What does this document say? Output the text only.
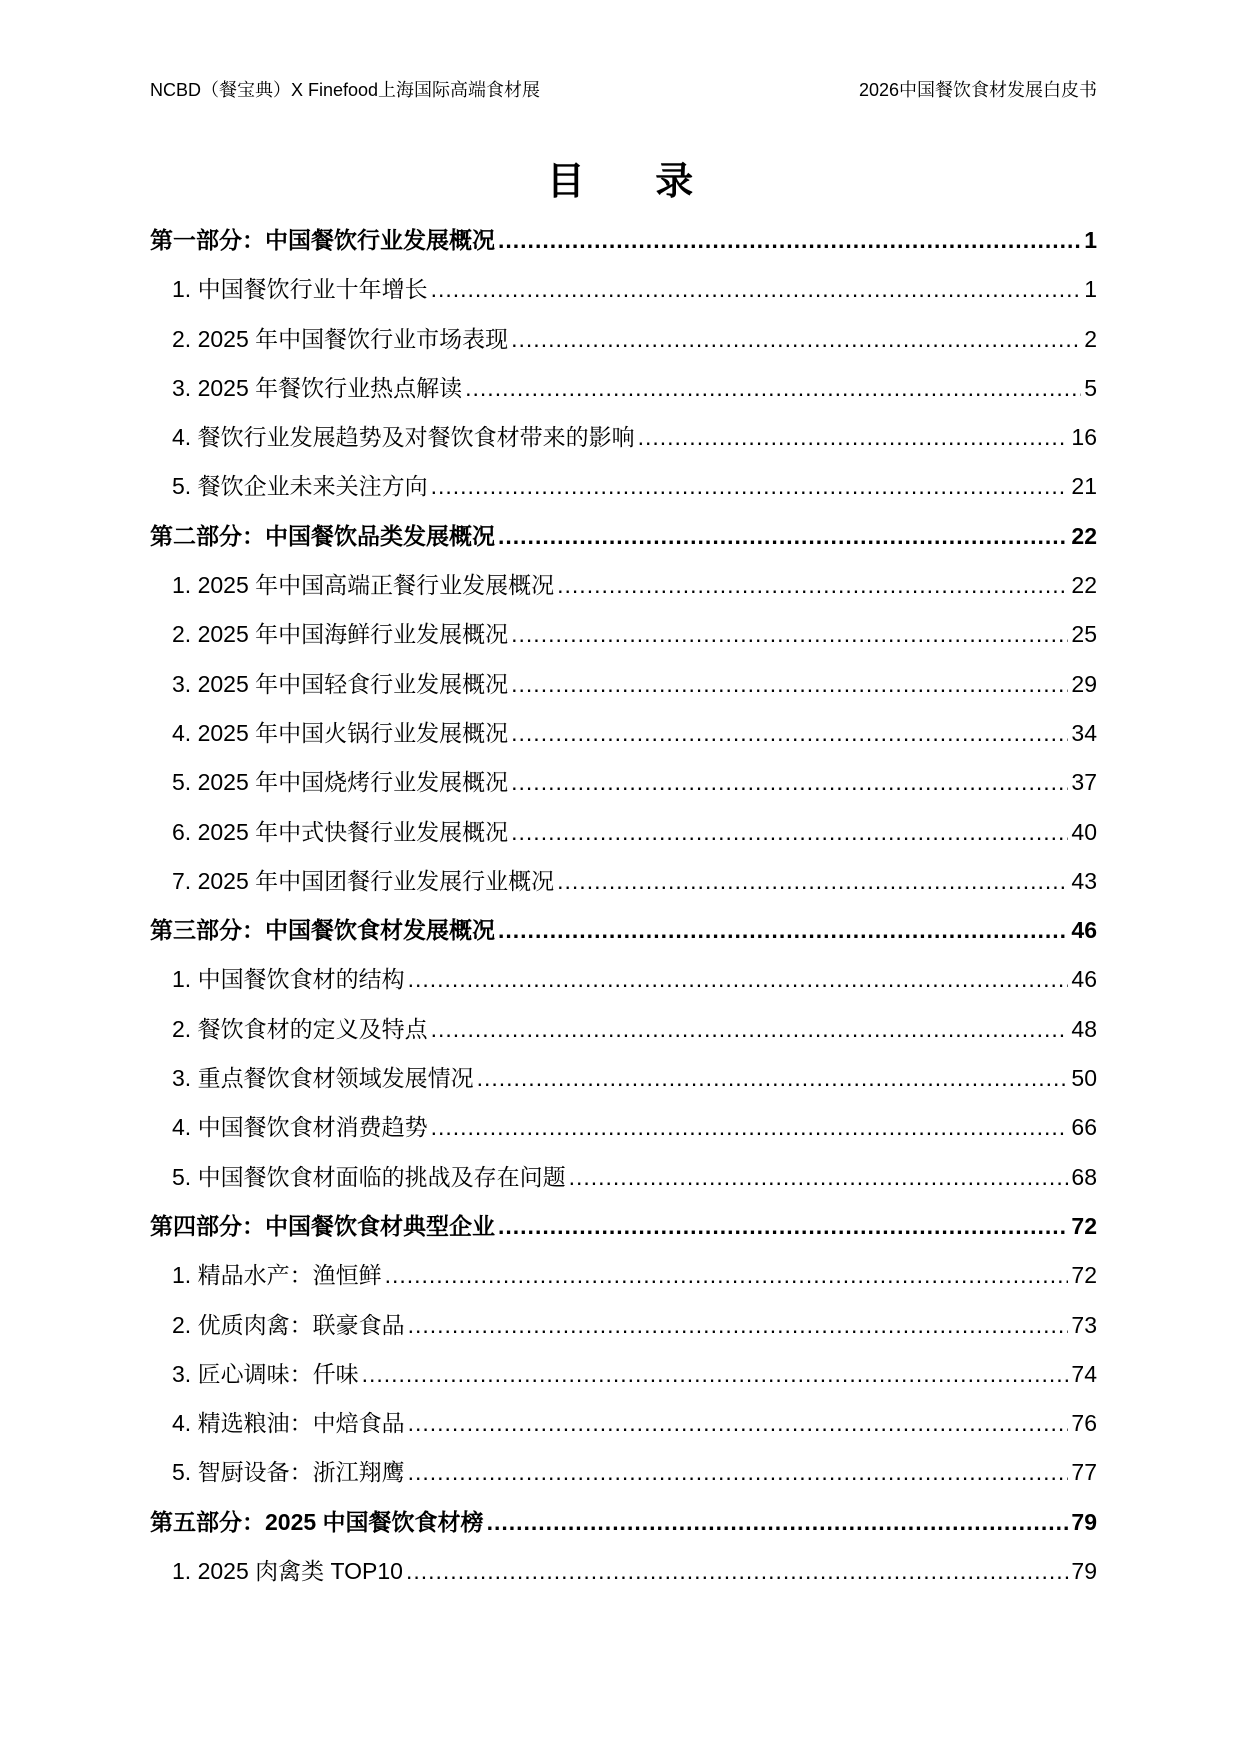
NCBD（餐宝典）X Finefood上海国际高端食材展	2026中国餐饮食材发展白皮书
目 录
第一部分：中国餐饮行业发展概况 .....	1
1. 中国餐饮行业十年增长 .....	1
2. 2025 年中国餐饮行业市场表现 .....	2
3. 2025 年餐饮行业热点解读 .....	5
4. 餐饮行业发展趋势及对餐饮食材带来的影响 .....	16
5. 餐饮企业未来关注方向 .....	21
第二部分：中国餐饮品类发展概况 .....	22
1. 2025 年中国高端正餐行业发展概况 .....	22
2. 2025 年中国海鲜行业发展概况 .....	25
3. 2025 年中国轻食行业发展概况 .....	29
4. 2025 年中国火锅行业发展概况 .....	34
5. 2025 年中国烧烤行业发展概况 .....	37
6. 2025 年中式快餐行业发展概况 .....	40
7. 2025 年中国团餐行业发展行业概况 .....	43
第三部分：中国餐饮食材发展概况 .....	46
1. 中国餐饮食材的结构 .....	46
2. 餐饮食材的定义及特点 .....	48
3. 重点餐饮食材领域发展情况 .....	50
4. 中国餐饮食材消费趋势 .....	66
5. 中国餐饮食材面临的挑战及存在问题 .....	68
第四部分：中国餐饮食材典型企业 .....	72
1. 精品水产：渔恒鲜 .....	72
2. 优质肉禽：联豪食品 .....	73
3. 匠心调味：仟味 .....	74
4. 精选粮油：中焙食品 .....	76
5. 智厨设备：浙江翔鹰 .....	77
第五部分：2025 中国餐饮食材榜 .....	79
1. 2025 肉禽类 TOP10 .....	79
